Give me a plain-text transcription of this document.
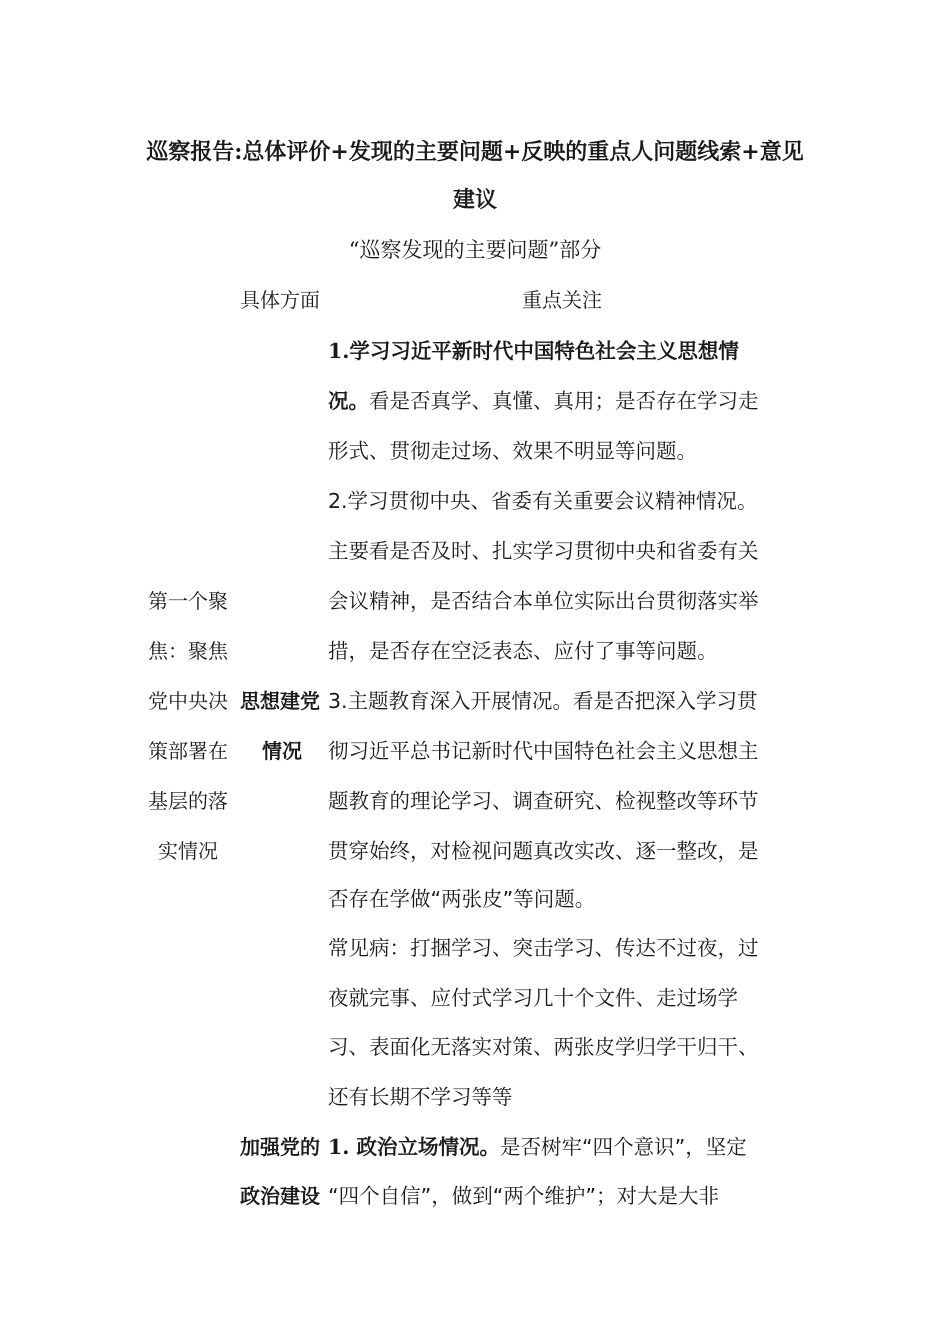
巡察报告:总体评价+发现的主要问题+反映的重点人问题线索+意见
建议
“巡察发现的主要问题”部分
具体方面	重点关注
1.学习习近平新时代中国特色社会主义思想情
况。看是否真学、真懂、真用；是否存在学习走
形式、贯彻走过场、效果不明显等问题。
2.学习贯彻中央、省委有关重要会议精神情况。
主要看是否及时、扎实学习贯彻中央和省委有关
会议精神，是否结合本单位实际出台贯彻落实举
措，是否存在空泛表态、应付了事等问题。
3.主题教育深入开展情况。看是否把深入学习贯
彻习近平总书记新时代中国特色社会主义思想主
题教育的理论学习、调查研究、检视整改等环节
贯穿始终，对检视问题真改实改、逐一整改，是
否存在学做“两张皮”等问题。
常见病：打捆学习、突击学习、传达不过夜，过
夜就完事、应付式学习几十个文件、走过场学
习、表面化无落实对策、两张皮学归学干归干、
还有长期不学习等等
第一个聚
焦：聚焦
党中央决
策部署在
基层的落
实情况
思想建党
情况
加强党的
政治建设
1. 政治立场情况。是否树牢“四个意识”，坚定
“四个自信”，做到“两个维护”；对大是大非
